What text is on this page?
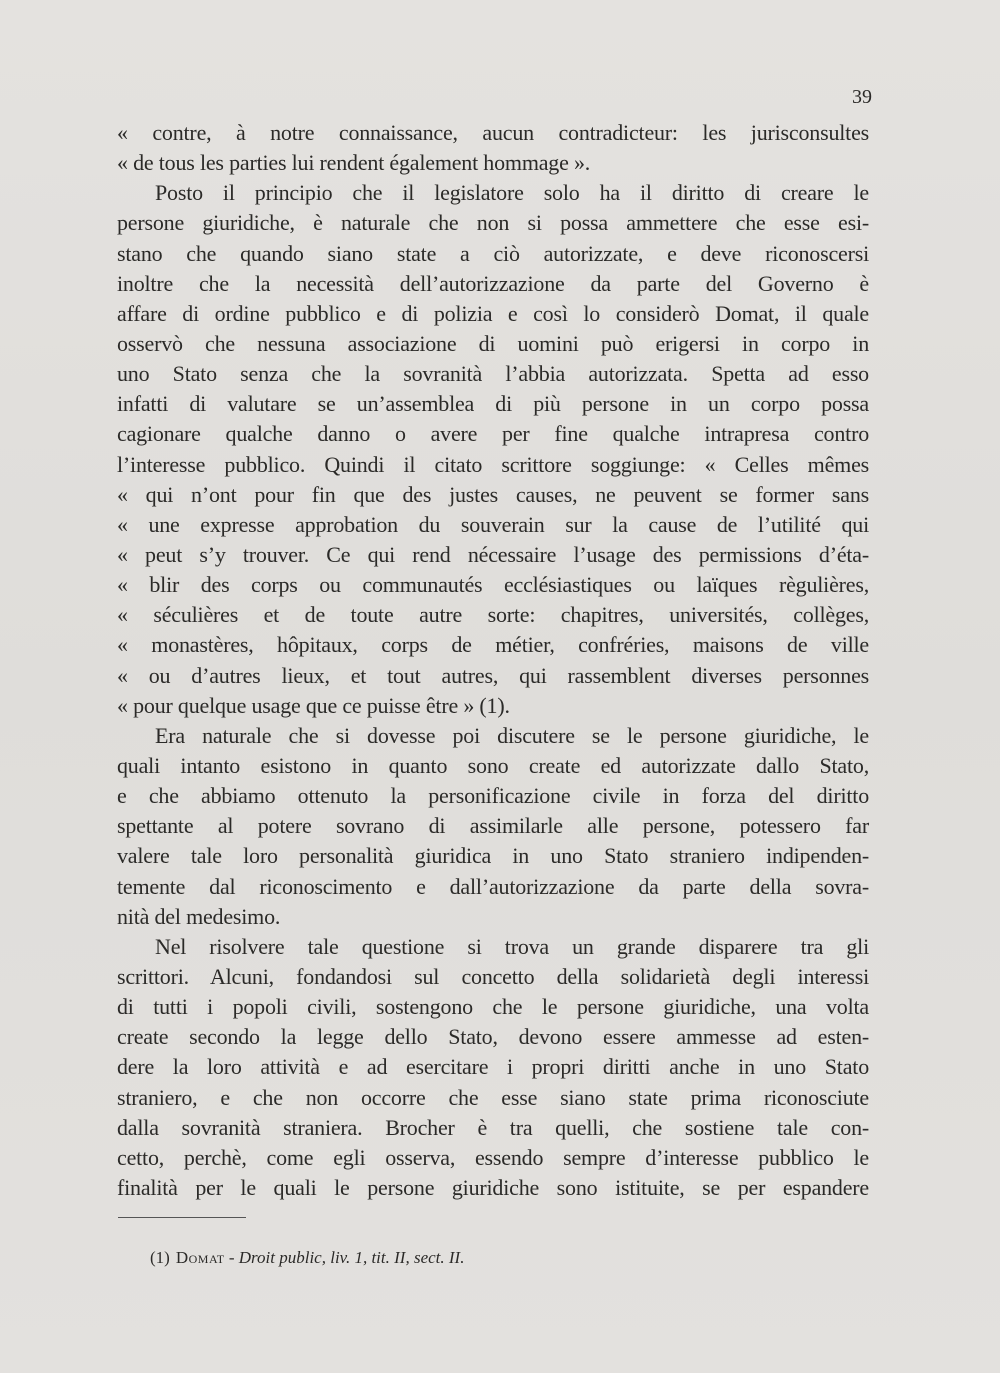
39
« contre, à notre connaissance, aucun contradicteur: les jurisconsultes
« de tous les parties lui rendent également hommage ».
Posto il principio che il legislatore solo ha il diritto di creare le
persone giuridiche, è naturale che non si possa ammettere che esse esi-
stano che quando siano state a ciò autorizzate, e deve riconoscersi
inoltre che la necessità dell’autorizzazione da parte del Governo è
affare di ordine pubblico e di polizia e così lo considerò Domat, il quale
osservò che nessuna associazione di uomini può erigersi in corpo in
uno Stato senza che la sovranità l’abbia autorizzata. Spetta ad esso
infatti di valutare se un’assemblea di più persone in un corpo possa
cagionare qualche danno o avere per fine qualche intrapresa contro
l’interesse pubblico. Quindi il citato scrittore soggiunge: « Celles mêmes
« qui n’ont pour fin que des justes causes, ne peuvent se former sans
« une expresse approbation du souverain sur la cause de l’utilité qui
« peut s’y trouver. Ce qui rend nécessaire l’usage des permissions d’éta-
« blir des corps ou communautés ecclésiastiques ou laïques règulières,
« séculières et de toute autre sorte: chapitres, universités, collèges,
« monastères, hôpitaux, corps de métier, confréries, maisons de ville
« ou d’autres lieux, et tout autres, qui rassemblent diverses personnes
« pour quelque usage que ce puisse être » (1).
Era naturale che si dovesse poi discutere se le persone giuridiche, le
quali intanto esistono in quanto sono create ed autorizzate dallo Stato,
e che abbiamo ottenuto la personificazione civile in forza del diritto
spettante al potere sovrano di assimilarle alle persone, potessero far
valere tale loro personalità giuridica in uno Stato straniero indipenden-
temente dal riconoscimento e dall’autorizzazione da parte della sovra-
nità del medesimo.
Nel risolvere tale questione si trova un grande disparere tra gli
scrittori. Alcuni, fondandosi sul concetto della solidarietà degli interessi
di tutti i popoli civili, sostengono che le persone giuridiche, una volta
create secondo la legge dello Stato, devono essere ammesse ad esten-
dere la loro attività e ad esercitare i propri diritti anche in uno Stato
straniero, e che non occorre che esse siano state prima riconosciute
dalla sovranità straniera. Brocher è tra quelli, che sostiene tale con-
cetto, perchè, come egli osserva, essendo sempre d’interesse pubblico le
finalità per le quali le persone giuridiche sono istituite, se per espandere
(1) Domat - Droit public, liv. 1, tit. II, sect. II.
